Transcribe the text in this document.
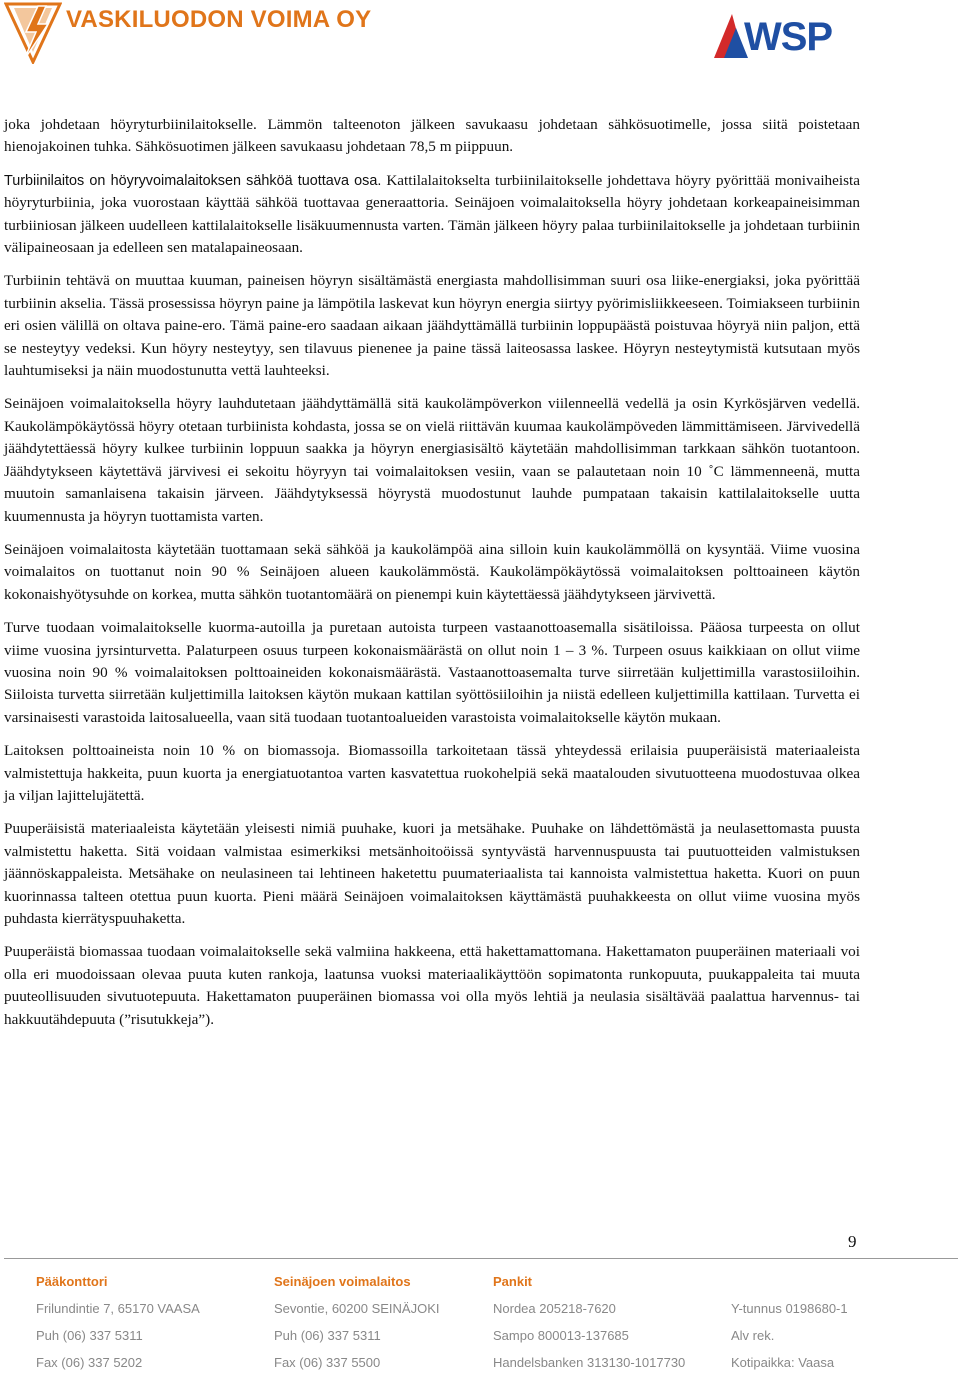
VASKILUODON VOIMA OY	WSP

joka johdetaan höyryturbiinilaitokselle. Lämmön talteenoton jälkeen savukaasu johdetaan sähkösuotimelle, jossa siitä poistetaan hienojakoinen tuhka. Sähkösuotimen jälkeen savukaasu johdetaan 78,5 m piippuun.

Turbiinilaitos on höyryvoimalaitoksen sähköä tuottava osa. Kattilalaitokselta turbiinilaitokselle johdettava höyry pyörittää monivaiheista höyryturbiinia, joka vuorostaan käyttää sähköä tuottavaa generaattoria. Seinäjoen voimalaitoksella höyry johdetaan korkeapaineisimman turbiiniosan jälkeen uudelleen kattilalaitokselle lisäkuumennusta varten. Tämän jälkeen höyry palaa turbiinilaitokselle ja johdetaan turbiinin välipaineosaan ja edelleen sen matalapaineosaan.

Turbiinin tehtävä on muuttaa kuuman, paineisen höyryn sisältämästä energiasta mahdollisimman suuri osa liike-energiaksi, joka pyörittää turbiinin akselia. Tässä prosessissa höyryn paine ja lämpötila laskevat kun höyryn energia siirtyy pyörimisliikkeeseen. Toimiakseen turbiinin eri osien välillä on oltava paine-ero. Tämä paine-ero saadaan aikaan jäähdyttämällä turbiinin loppupäästä poistuvaa höyryä niin paljon, että se nesteytyy vedeksi. Kun höyry nesteytyy, sen tilavuus pienenee ja paine tässä laiteosassa laskee. Höyryn nesteytymistä kutsutaan myös lauhtumiseksi ja näin muodostunutta vettä lauhteeksi.

Seinäjoen voimalaitoksella höyry lauhdutetaan jäähdyttämällä sitä kaukolämpöverkon viilenneellä vedellä ja osin Kyrkösjärven vedellä. Kaukolämpökäytössä höyry otetaan turbiinista kohdasta, jossa se on vielä riittävän kuumaa kaukolämpöveden lämmittämiseen. Järvivedellä jäähdytettäessä höyry kulkee turbiinin loppuun saakka ja höyryn energiasisältö käytetään mahdollisimman tarkkaan sähkön tuotantoon. Jäähdytykseen käytettävä järvivesi ei sekoitu höyryyn tai voimalaitoksen vesiin, vaan se palautetaan noin 10 ˚C lämmenneenä, mutta muutoin samanlaisena takaisin järveen. Jäähdytyksessä höyrystä muodostunut lauhde pumpataan takaisin kattilalaitokselle uutta kuumennusta ja höyryn tuottamista varten.

Seinäjoen voimalaitosta käytetään tuottamaan sekä sähköä ja kaukolämpöä aina silloin kuin kaukolämmöllä on kysyntää. Viime vuosina voimalaitos on tuottanut noin 90 % Seinäjoen alueen kaukolämmöstä. Kaukolämpökäytössä voimalaitoksen polttoaineen käytön kokonaishyötysuhde on korkea, mutta sähkön tuotantomäärä on pienempi kuin käytettäessä jäähdytykseen järvivettä.

Turve tuodaan voimalaitokselle kuorma-autoilla ja puretaan autoista turpeen vastaanottoasemalla sisätiloissa. Pääosa turpeesta on ollut viime vuosina jyrsinturvetta. Palaturpeen osuus turpeen kokonaismäärästä on ollut noin 1 – 3 %. Turpeen osuus kaikkiaan on ollut viime vuosina noin 90 % voimalaitoksen polttoaineiden kokonaismäärästä. Vastaanottoasemalta turve siirretään kuljettimilla varastosiiloihin. Siiloista turvetta siirretään kuljettimilla laitoksen käytön mukaan kattilan syöttösiiloihin ja niistä edelleen kuljettimilla kattilaan. Turvetta ei varsinaisesti varastoida laitosalueella, vaan sitä tuodaan tuotantoalueiden varastoista voimalaitokselle käytön mukaan.

Laitoksen polttoaineista noin 10 % on biomassoja. Biomassoilla tarkoitetaan tässä yhteydessä erilaisia puuperäisistä materiaaleista valmistettuja hakkeita, puun kuorta ja energiatuotantoa varten kasvatettua ruokohelpiä sekä maatalouden sivutuotteena muodostuvaa olkea ja viljan lajittelujätettä.

Puuperäisistä materiaaleista käytetään yleisesti nimiä puuhake, kuori ja metsähake. Puuhake on lähdettömästä ja neulasettomasta puusta valmistettu haketta. Sitä voidaan valmistaa esimerkiksi metsänhoitoöissä syntyvästä harvennuspuusta tai puutuotteiden valmistuksen jäännöskappaleista. Metsähake on neulasineen tai lehtineen haketettu puumateriaalista tai kannoista valmistettua haketta. Kuori on puun kuorinnassa talteen otettua puun kuorta. Pieni määrä Seinäjoen voimalaitoksen käyttämästä puuhakkeesta on ollut viime vuosina myös puhdasta kierrätyspuuhaketta.

Puuperäistä biomassaa tuodaan voimalaitokselle sekä valmiina hakkeena, että hakettamattomana. Hakettamaton puuperäinen materiaali voi olla eri muodoissaan olevaa puuta kuten rankoja, laatunsa vuoksi materiaalikäyttöön sopimatonta runkopuuta, puukappaleita tai muuta puuteollisuuden sivutuotepuuta. Hakettamaton puuperäinen biomassa voi olla myös lehtiä ja neulasia sisältävää paalattua harvennus- tai hakkuutähdepuuta (”risutukkeja”).

9
Pääkonttori
Frilundintie 7, 65170 VAASA
Puh (06) 337 5311
Fax (06) 337 5202
Seinäjoen voimalaitos
Sevontie, 60200 SEINÄJOKI
Puh (06) 337 5311
Fax (06) 337 5500
Pankit
Nordea 205218-7620
Sampo 800013-137685
Handelsbanken 313130-1017730
Y-tunnus 0198680-1
Alv rek.
Kotipaikka: Vaasa
